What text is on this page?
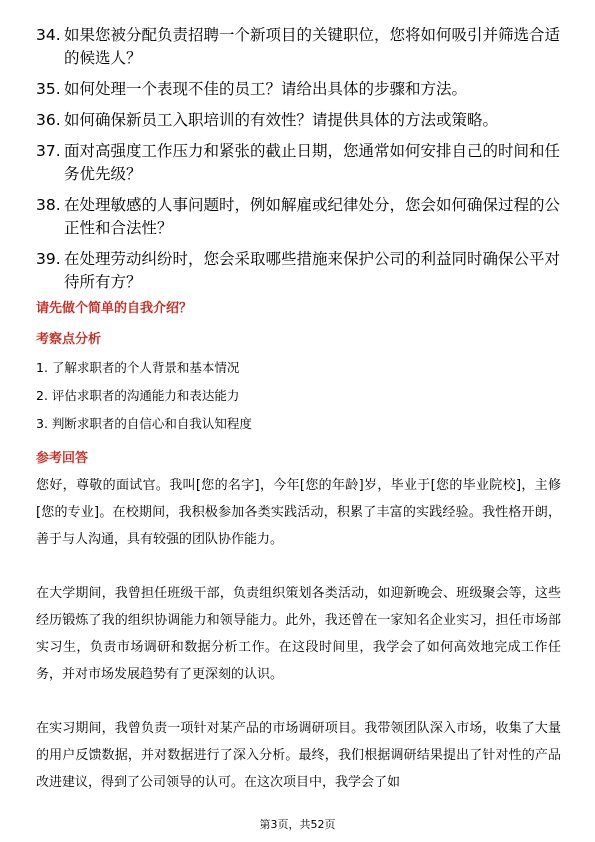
34. 如果您被分配负责招聘一个新项目的关键职位，您将如何吸引并筛选合适的候选人？
35. 如何处理一个表现不佳的员工？请给出具体的步骤和方法。
36. 如何确保新员工入职培训的有效性？请提供具体的方法或策略。
37. 面对高强度工作压力和紧张的截止日期，您通常如何安排自己的时间和任务优先级？
38. 在处理敏感的人事问题时，例如解雇或纪律处分，您会如何确保过程的公正性和合法性？
39. 在处理劳动纠纷时，您会采取哪些措施来保护公司的利益同时确保公平对待所有方？

请先做个简单的自我介绍？

考察点分析

1. 了解求职者的个人背景和基本情况

2. 评估求职者的沟通能力和表达能力

3. 判断求职者的自信心和自我认知程度

参考回答

您好，尊敬的面试官。我叫[您的名字]，今年[您的年龄]岁，毕业于[您的毕业院校]，主修[您的专业]。在校期间，我积极参加各类实践活动，积累了丰富的实践经验。我性格开朗，善于与人沟通，具有较强的团队协作能力。

在大学期间，我曾担任班级干部，负责组织策划各类活动，如迎新晚会、班级聚会等，这些经历锻炼了我的组织协调能力和领导能力。此外，我还曾在一家知名企业实习，担任市场部实习生，负责市场调研和数据分析工作。在这段时间里，我学会了如何高效地完成工作任务，并对市场发展趋势有了更深刻的认识。

在实习期间，我曾负责一项针对某产品的市场调研项目。我带领团队深入市场，收集了大量的用户反馈数据，并对数据进行了深入分析。最终，我们根据调研结果提出了针对性的产品改进建议，得到了公司领导的认可。在这次项目中，我学会了如

第3页，共52页
